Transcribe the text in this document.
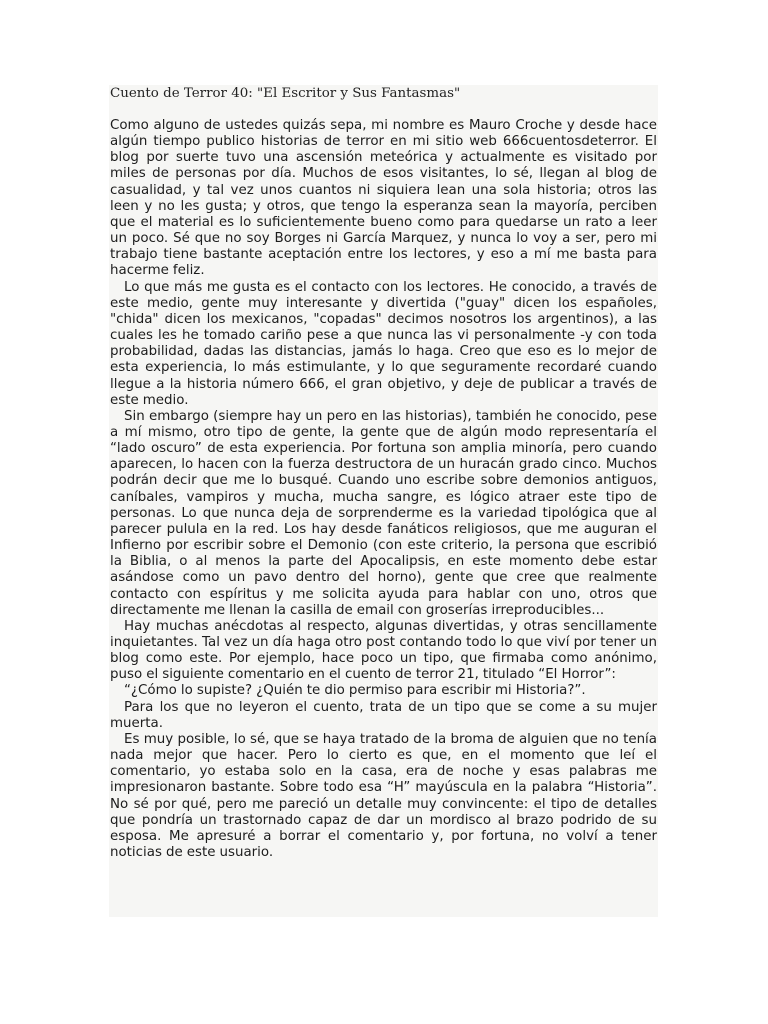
Cuento de Terror 40: "El Escritor y Sus Fantasmas"

Como alguno de ustedes quizás sepa, mi nombre es Mauro Croche y desde hace algún tiempo publico historias de terror en mi sitio web 666cuentosdeterror. El blog por suerte tuvo una ascensión meteórica y actualmente es visitado por miles de personas por día. Muchos de esos visitantes, lo sé, llegan al blog de casualidad, y tal vez unos cuantos ni siquiera lean una sola historia; otros las leen y no les gusta; y otros, que tengo la esperanza sean la mayoría, perciben que el material es lo suficientemente bueno como para quedarse un rato a leer un poco. Sé que no soy Borges ni García Marquez, y nunca lo voy a ser, pero mi trabajo tiene bastante aceptación entre los lectores, y eso a mí me basta para hacerme feliz.

Lo que más me gusta es el contacto con los lectores. He conocido, a través de este medio, gente muy interesante y divertida ("guay" dicen los españoles, "chida" dicen los mexicanos, "copadas" decimos nosotros los argentinos), a las cuales les he tomado cariño pese a que nunca las vi personalmente -y con toda probabilidad, dadas las distancias, jamás lo haga. Creo que eso es lo mejor de esta experiencia, lo más estimulante, y lo que seguramente recordaré cuando llegue a la historia número 666, el gran objetivo, y deje de publicar a través de este medio.

Sin embargo (siempre hay un pero en las historias), también he conocido, pese a mí mismo, otro tipo de gente, la gente que de algún modo representaría el “lado oscuro” de esta experiencia. Por fortuna son amplia minoría, pero cuando aparecen, lo hacen con la fuerza destructora de un huracán grado cinco. Muchos podrán decir que me lo busqué. Cuando uno escribe sobre demonios antiguos, caníbales, vampiros y mucha, mucha sangre, es lógico atraer este tipo de personas. Lo que nunca deja de sorprenderme es la variedad tipológica que al parecer pulula en la red. Los hay desde fanáticos religiosos, que me auguran el Infierno por escribir sobre el Demonio (con este criterio, la persona que escribió la Biblia, o al menos la parte del Apocalipsis, en este momento debe estar asándose como un pavo dentro del horno), gente que cree que realmente contacto con espíritus y me solicita ayuda para hablar con uno, otros que directamente me llenan la casilla de email con groserías irreproducibles...

Hay muchas anécdotas al respecto, algunas divertidas, y otras sencillamente inquietantes. Tal vez un día haga otro post contando todo lo que viví por tener un blog como este. Por ejemplo, hace poco un tipo, que firmaba como anónimo, puso el siguiente comentario en el cuento de terror 21, titulado “El Horror”:

“¿Cómo lo supiste? ¿Quién te dio permiso para escribir mi Historia?”.

Para los que no leyeron el cuento, trata de un tipo que se come a su mujer muerta.

Es muy posible, lo sé, que se haya tratado de la broma de alguien que no tenía nada mejor que hacer. Pero lo cierto es que, en el momento que leí el comentario, yo estaba solo en la casa, era de noche y esas palabras me impresionaron bastante. Sobre todo esa “H” mayúscula en la palabra “Historia”. No sé por qué, pero me pareció un detalle muy convincente: el tipo de detalles que pondría un trastornado capaz de dar un mordisco al brazo podrido de su esposa. Me apresuré a borrar el comentario y, por fortuna, no volví a tener noticias de este usuario.
